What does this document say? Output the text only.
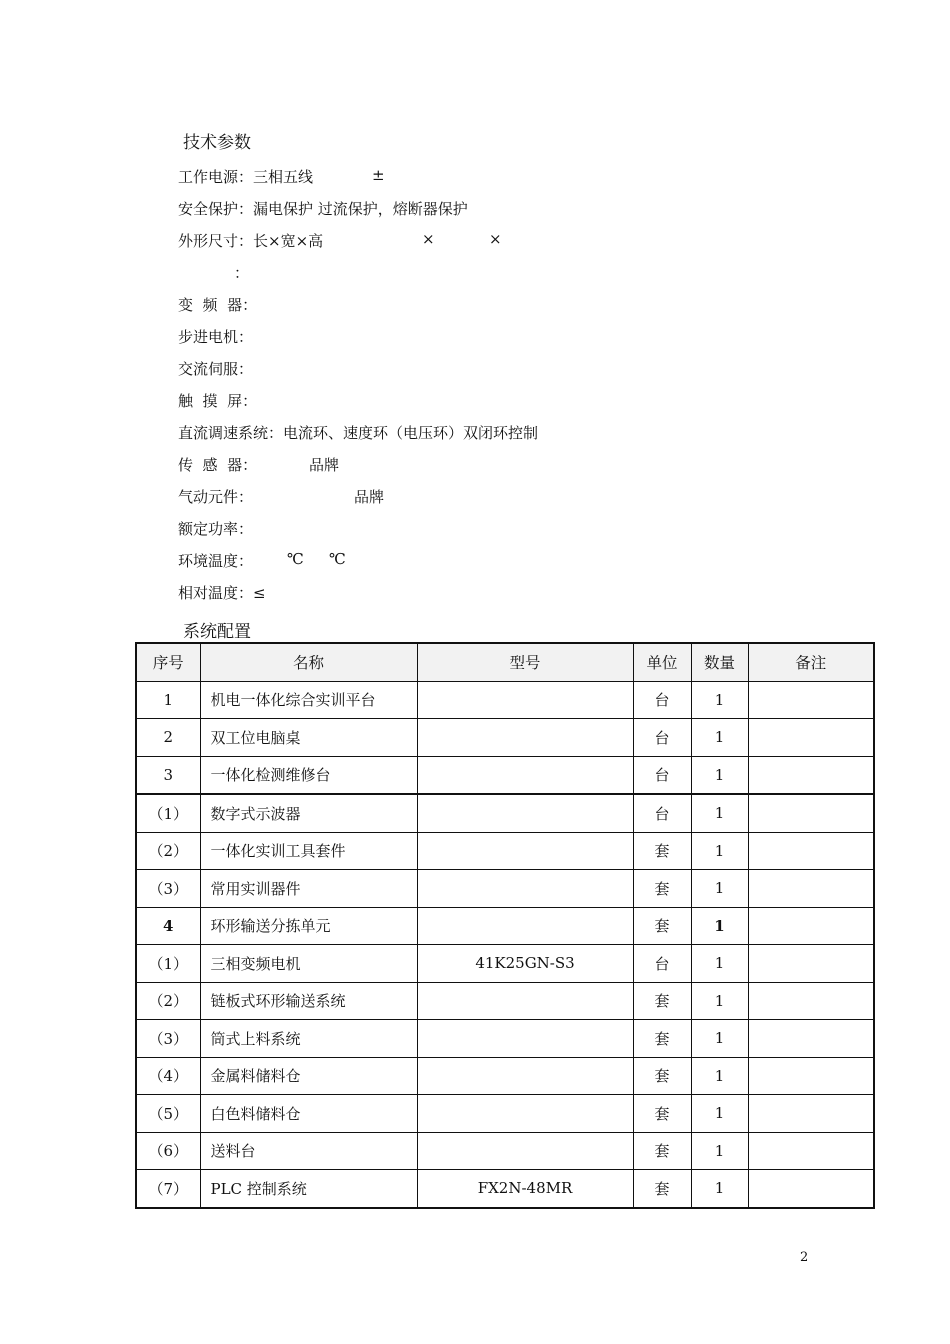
技术参数
工作电源：三相五线	±
安全保护：漏电保护 过流保护，熔断器保护
外形尺寸：长×宽×高	×	×
：
变  频  器：
步进电机：
交流伺服：
触  摸  屏：
直流调速系统：电流环、速度环（电压环）双闭环控制
传  感  器：	品牌
气动元件：	品牌
额定功率：
环境温度： ℃ ℃
相对温度：≤
系统配置
序号	名称	型号	单位	数量	备注
1	机电一体化综合实训平台		台	1	
2	双工位电脑桌		台	1	
3	一体化检测维修台		台	1	
（1）	数字式示波器		台	1	
（2）	一体化实训工具套件		套	1	
（3）	常用实训器件		套	1	
4	环形输送分拣单元		套	1	
（1）	三相变频电机	41K25GN-S3	台	1	
（2）	链板式环形输送系统		套	1	
（3）	筒式上料系统		套	1	
（4）	金属料储料仓		套	1	
（5）	白色料储料仓		套	1	
（6）	送料台		套	1	
（7）	PLC 控制系统	FX2N-48MR	套	1	
2
